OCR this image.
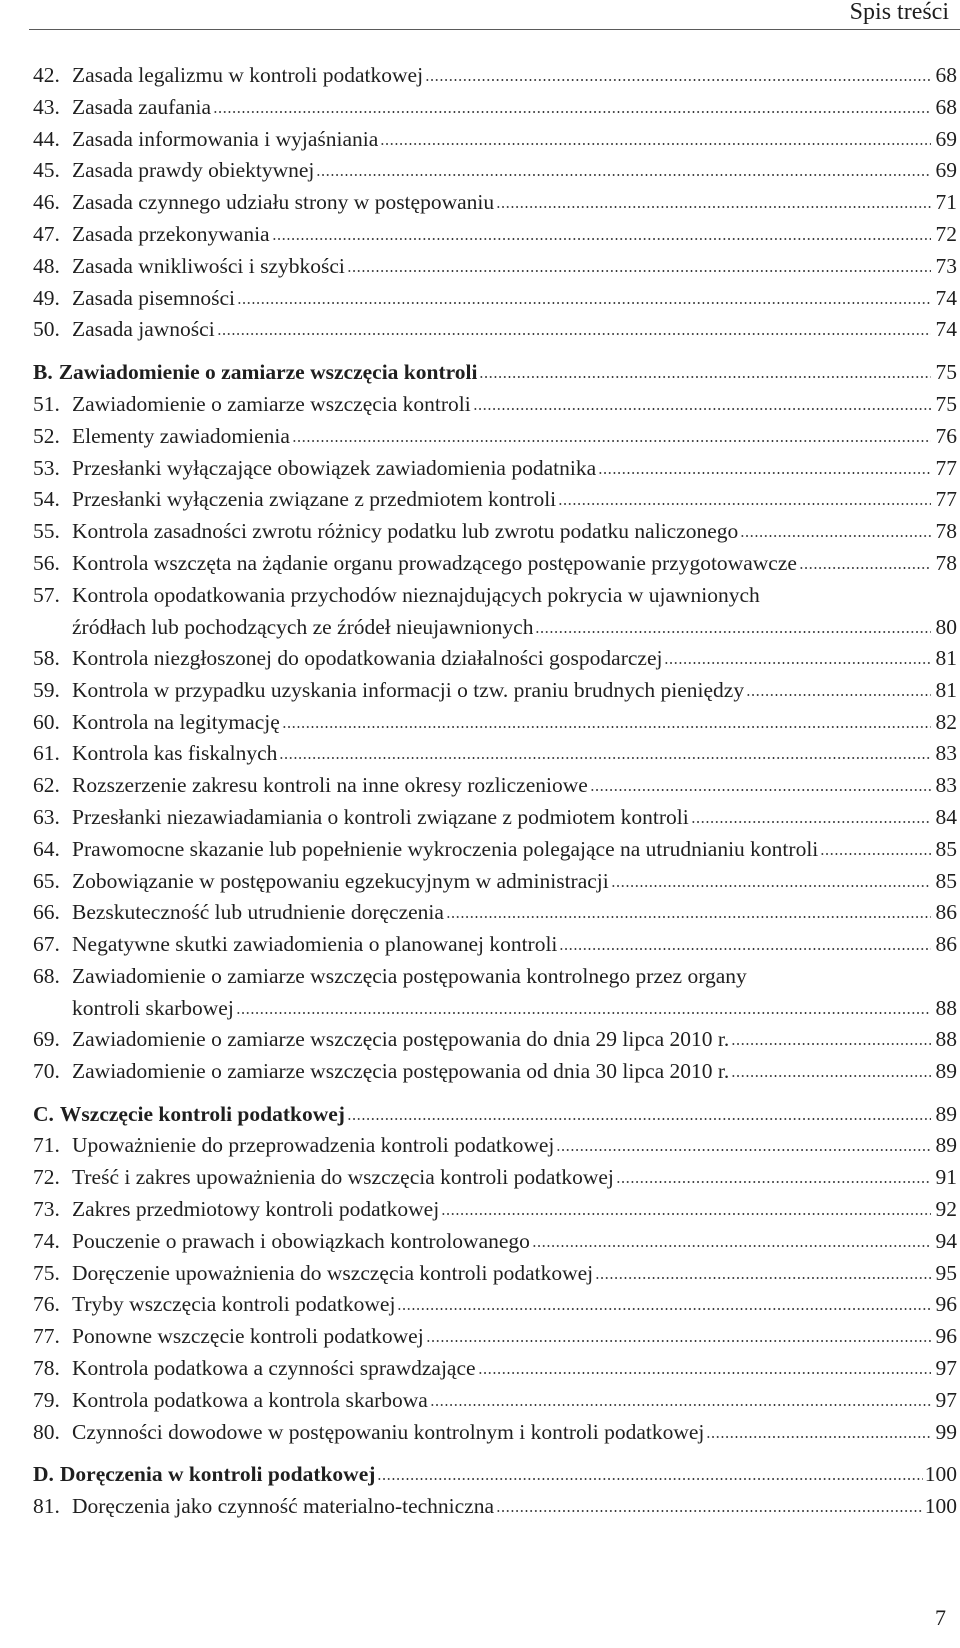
Spis treści
42. Zasada legalizmu w kontroli podatkowej	68
43. Zasada zaufania	68
44. Zasada informowania i wyjaśniania	69
45. Zasada prawdy obiektywnej	69
46. Zasada czynnego udziału strony w postępowaniu	71
47. Zasada przekonywania	72
48. Zasada wnikliwości i szybkości	73
49. Zasada pisemności	74
50. Zasada jawności	74
B. Zawiadomienie o zamiarze wszczęcia kontroli	75
51. Zawiadomienie o zamiarze wszczęcia kontroli	75
52. Elementy zawiadomienia	76
53. Przesłanki wyłączające obowiązek zawiadomienia podatnika	77
54. Przesłanki wyłączenia związane z przedmiotem kontroli	77
55. Kontrola zasadności zwrotu różnicy podatku lub zwrotu podatku naliczonego	78
56. Kontrola wszczęta na żądanie organu prowadzącego postępowanie przygotowawcze	78
57. Kontrola opodatkowania przychodów nieznajdujących pokrycia w ujawnionych
źródłach lub pochodzących ze źródeł nieujawnionych	80
58. Kontrola niezgłoszonej do opodatkowania działalności gospodarczej	81
59. Kontrola w przypadku uzyskania informacji o tzw. praniu brudnych pieniędzy	81
60. Kontrola na legitymację	82
61. Kontrola kas fiskalnych	83
62. Rozszerzenie zakresu kontroli na inne okresy rozliczeniowe	83
63. Przesłanki niezawiadamiania o kontroli związane z podmiotem kontroli	84
64. Prawomocne skazanie lub popełnienie wykroczenia polegające na utrudnianiu kontroli	85
65. Zobowiązanie w postępowaniu egzekucyjnym w administracji	85
66. Bezskuteczność lub utrudnienie doręczenia	86
67. Negatywne skutki zawiadomienia o planowanej kontroli	86
68. Zawiadomienie o zamiarze wszczęcia postępowania kontrolnego przez organy
kontroli skarbowej	88
69. Zawiadomienie o zamiarze wszczęcia postępowania do dnia 29 lipca 2010 r.	88
70. Zawiadomienie o zamiarze wszczęcia postępowania od dnia 30 lipca 2010 r.	89
C. Wszczęcie kontroli podatkowej	89
71. Upoważnienie do przeprowadzenia kontroli podatkowej	89
72. Treść i zakres upoważnienia do wszczęcia kontroli podatkowej	91
73. Zakres przedmiotowy kontroli podatkowej	92
74. Pouczenie o prawach i obowiązkach kontrolowanego	94
75. Doręczenie upoważnienia do wszczęcia kontroli podatkowej	95
76. Tryby wszczęcia kontroli podatkowej	96
77. Ponowne wszczęcie kontroli podatkowej	96
78. Kontrola podatkowa a czynności sprawdzające	97
79. Kontrola podatkowa a kontrola skarbowa	97
80. Czynności dowodowe w postępowaniu kontrolnym i kontroli podatkowej	99
D. Doręczenia w kontroli podatkowej	100
81. Doręczenia jako czynność materialno-techniczna	100
7
